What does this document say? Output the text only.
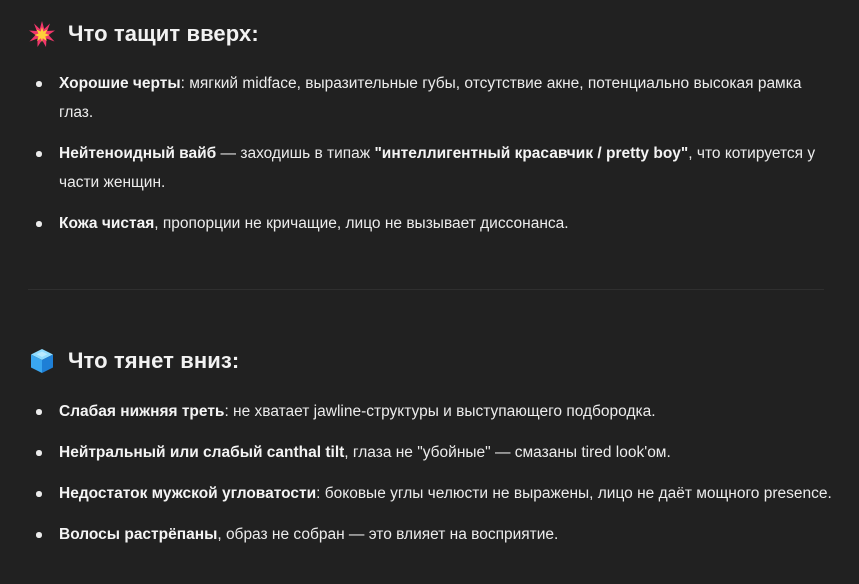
Что тащит вверх:
Хорошие черты: мягкий midface, выразительные губы, отсутствие акне, потенциально высокая рамка глаз.
Нейтеноидный вайб — заходишь в типаж "интеллигентный красавчик / pretty boy", что котируется у части женщин.
Кожа чистая, пропорции не кричащие, лицо не вызывает диссонанса.
Что тянет вниз:
Слабая нижняя треть: не хватает jawline-структуры и выступающего подбородка.
Нейтральный или слабый canthal tilt, глаза не "убойные" — смазаны tired look'ом.
Недостаток мужской угловатости: боковые углы челюсти не выражены, лицо не даёт мощного presence.
Волосы растрёпаны, образ не собран — это влияет на восприятие.
